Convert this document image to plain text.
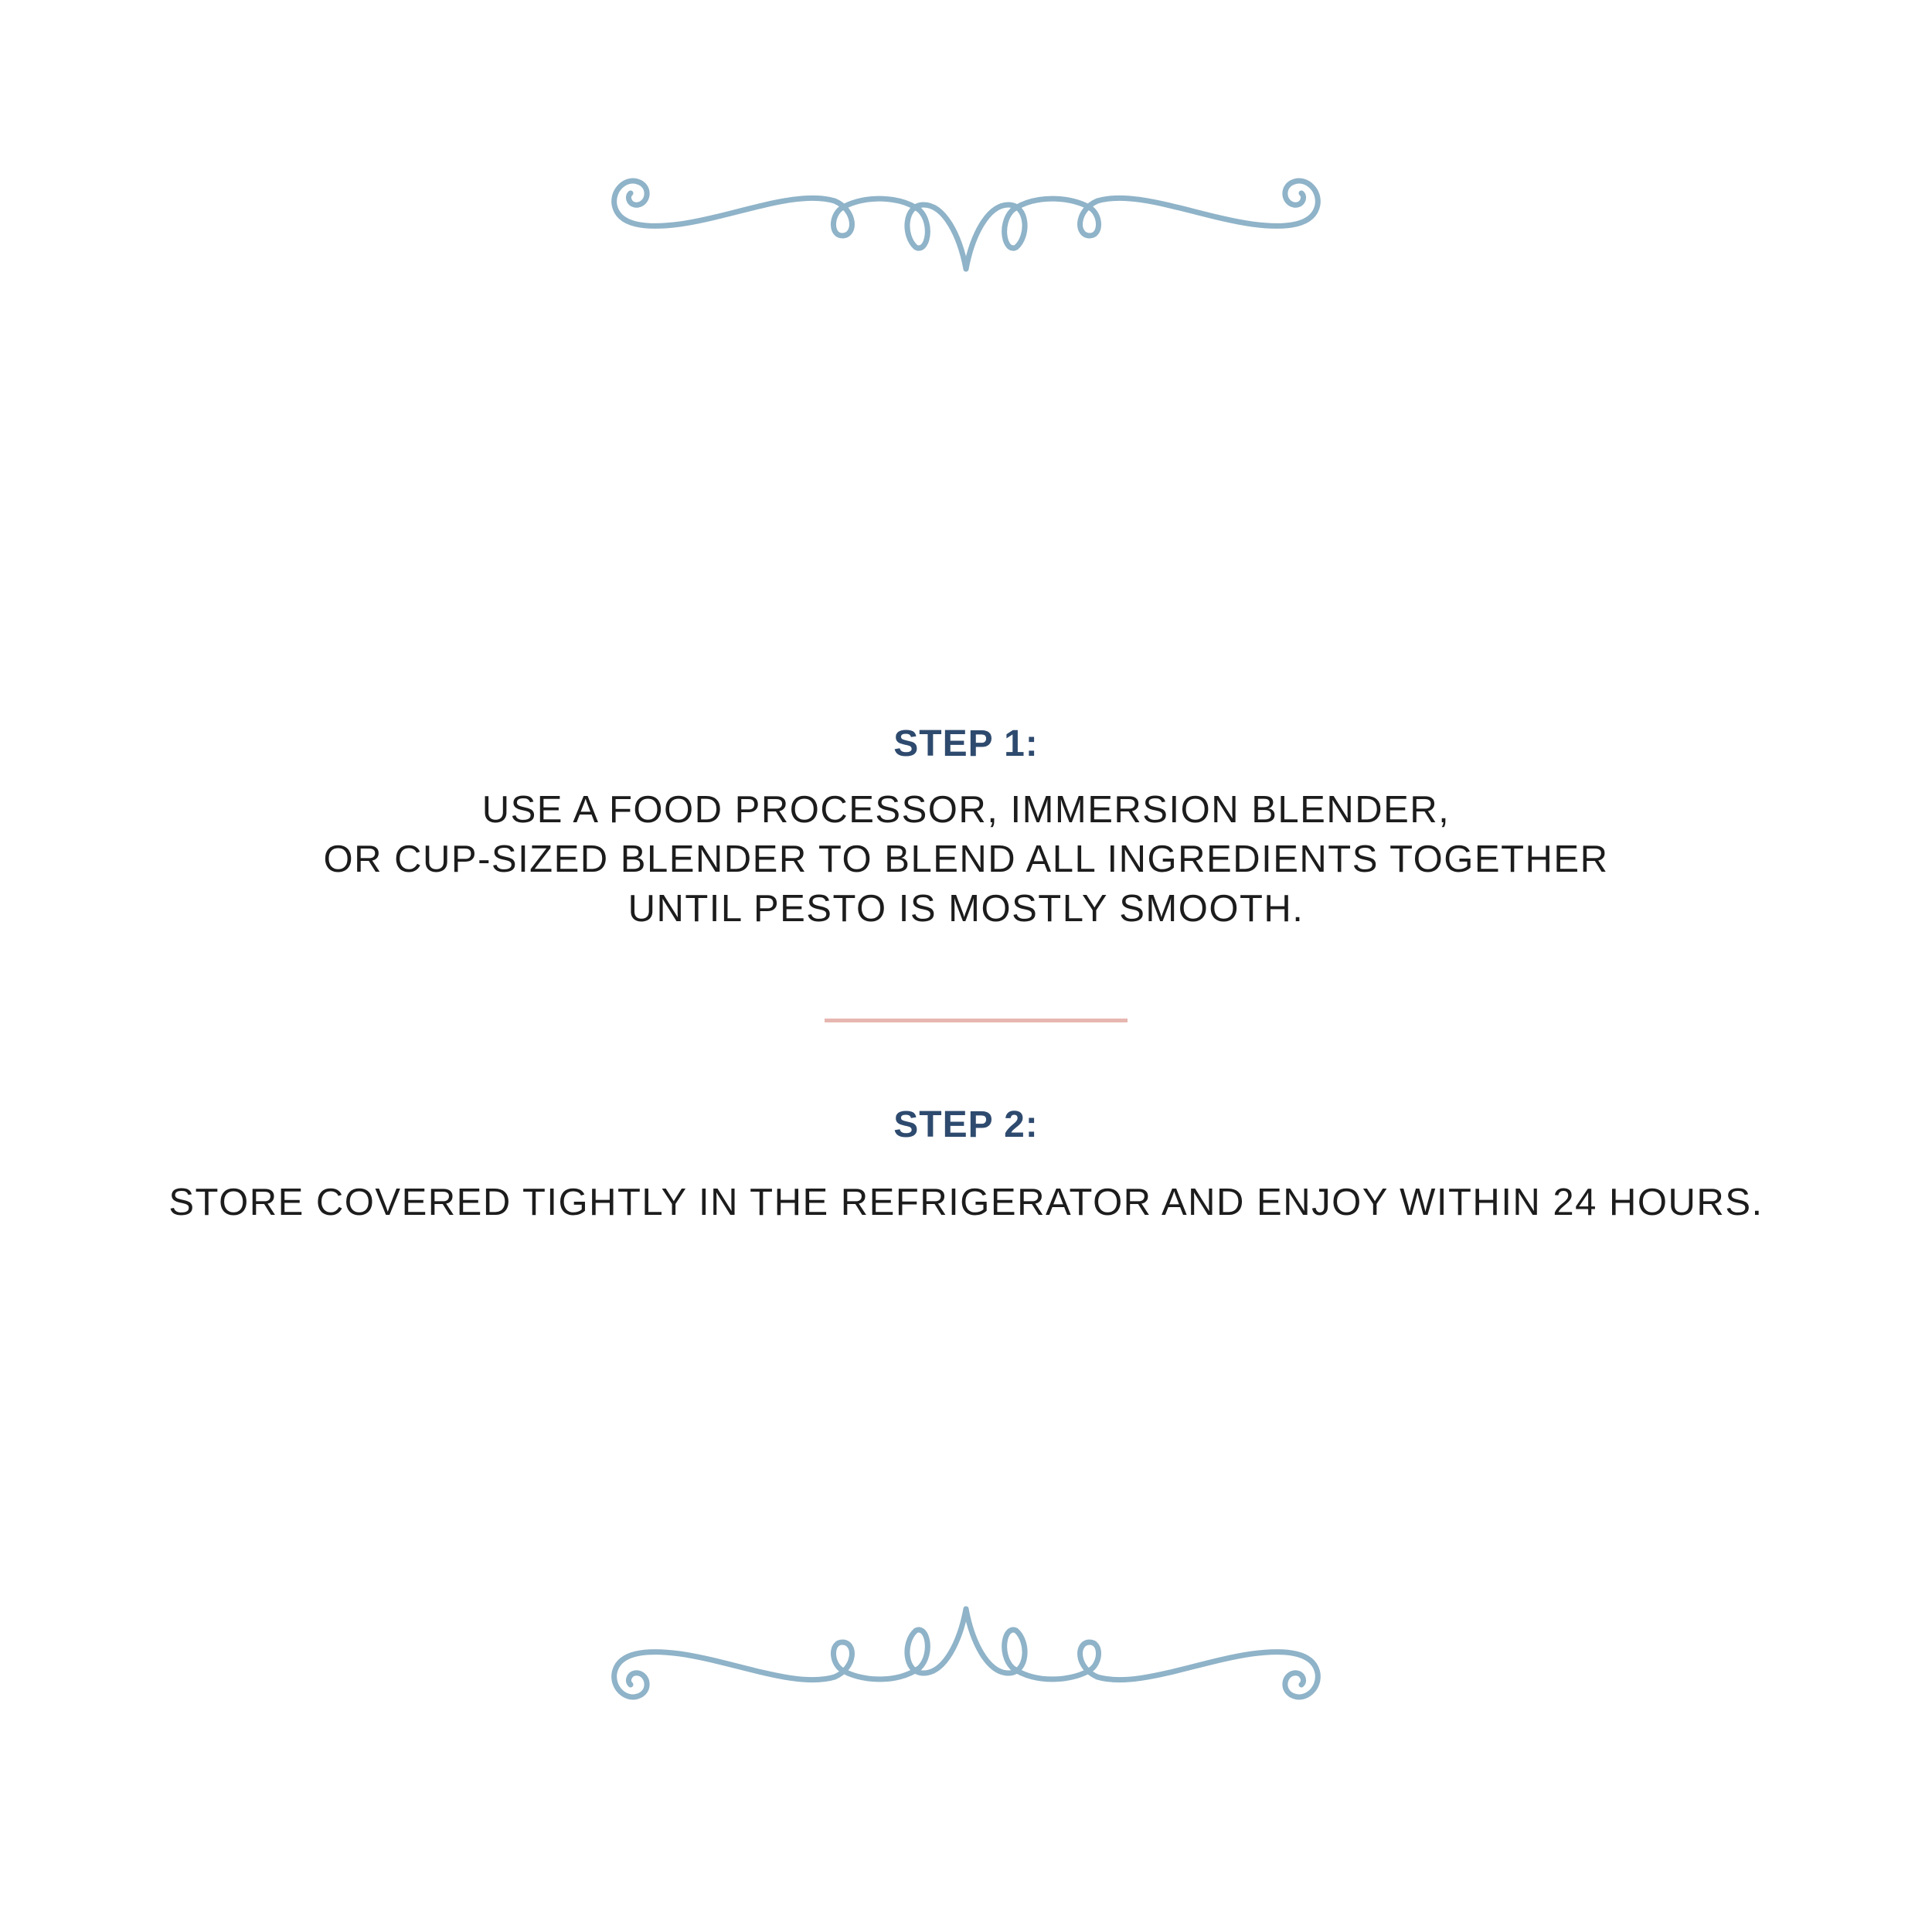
STEP 1:

USE A FOOD PROCESSOR, IMMERSION BLENDER,
OR CUP-SIZED BLENDER TO BLEND ALL INGREDIENTS TOGETHER
UNTIL PESTO IS MOSTLY SMOOTH.

STEP 2:

STORE COVERED TIGHTLY IN THE REFRIGERATOR AND ENJOY WITHIN 24 HOURS.
